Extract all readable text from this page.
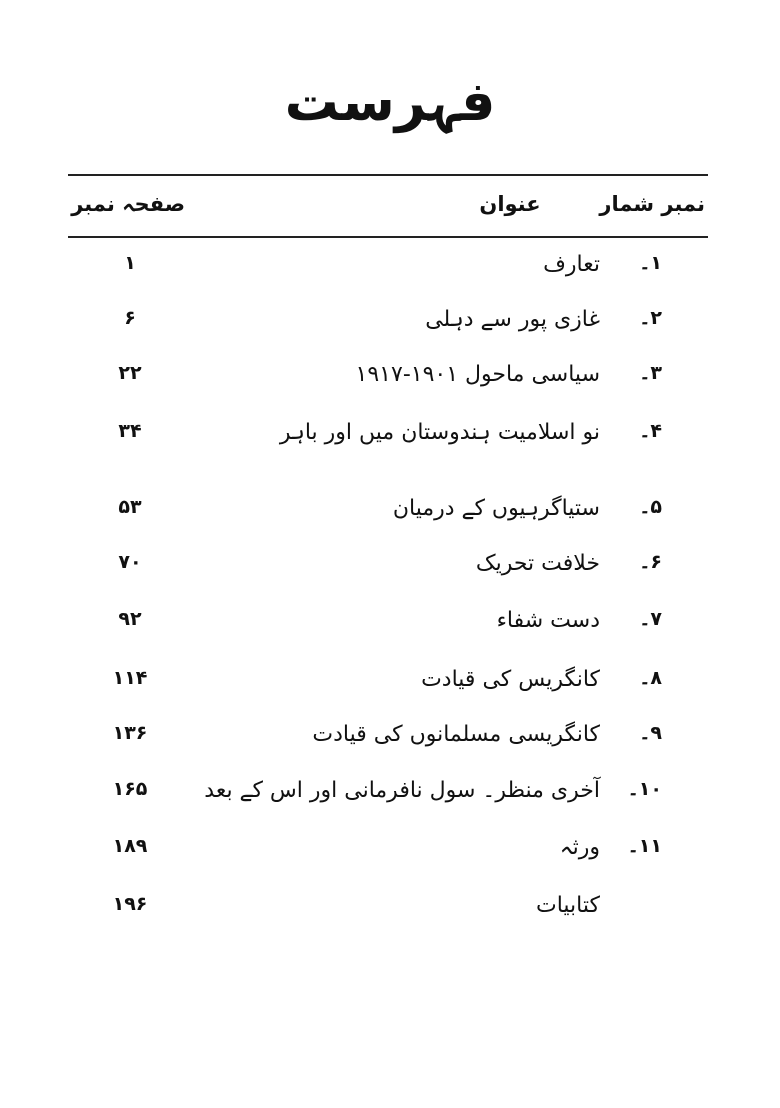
فہرست
نمبر شمار
عنوان
صفحہ نمبر
۱۔
تعارف
۱
۲۔
غازی پور سے دہلی
۶
۳۔
سیاسی ماحول ۱۹۰۱-۱۹۱۷
۲۲
۴۔
نو اسلامیت ہندوستان میں اور باہر
۳۴
۵۔
ستیاگرہیوں کے درمیان
۵۳
۶۔
خلافت تحریک
۷۰
۷۔
دست شفاء
۹۲
۸۔
کانگریس کی قیادت
۱۱۴
۹۔
کانگریسی مسلمانوں کی قیادت
۱۳۶
۱۰۔
آخری منظر۔ سول نافرمانی اور اس کے بعد
۱۶۵
۱۱۔
ورثہ
۱۸۹
کتابیات
۱۹۶
